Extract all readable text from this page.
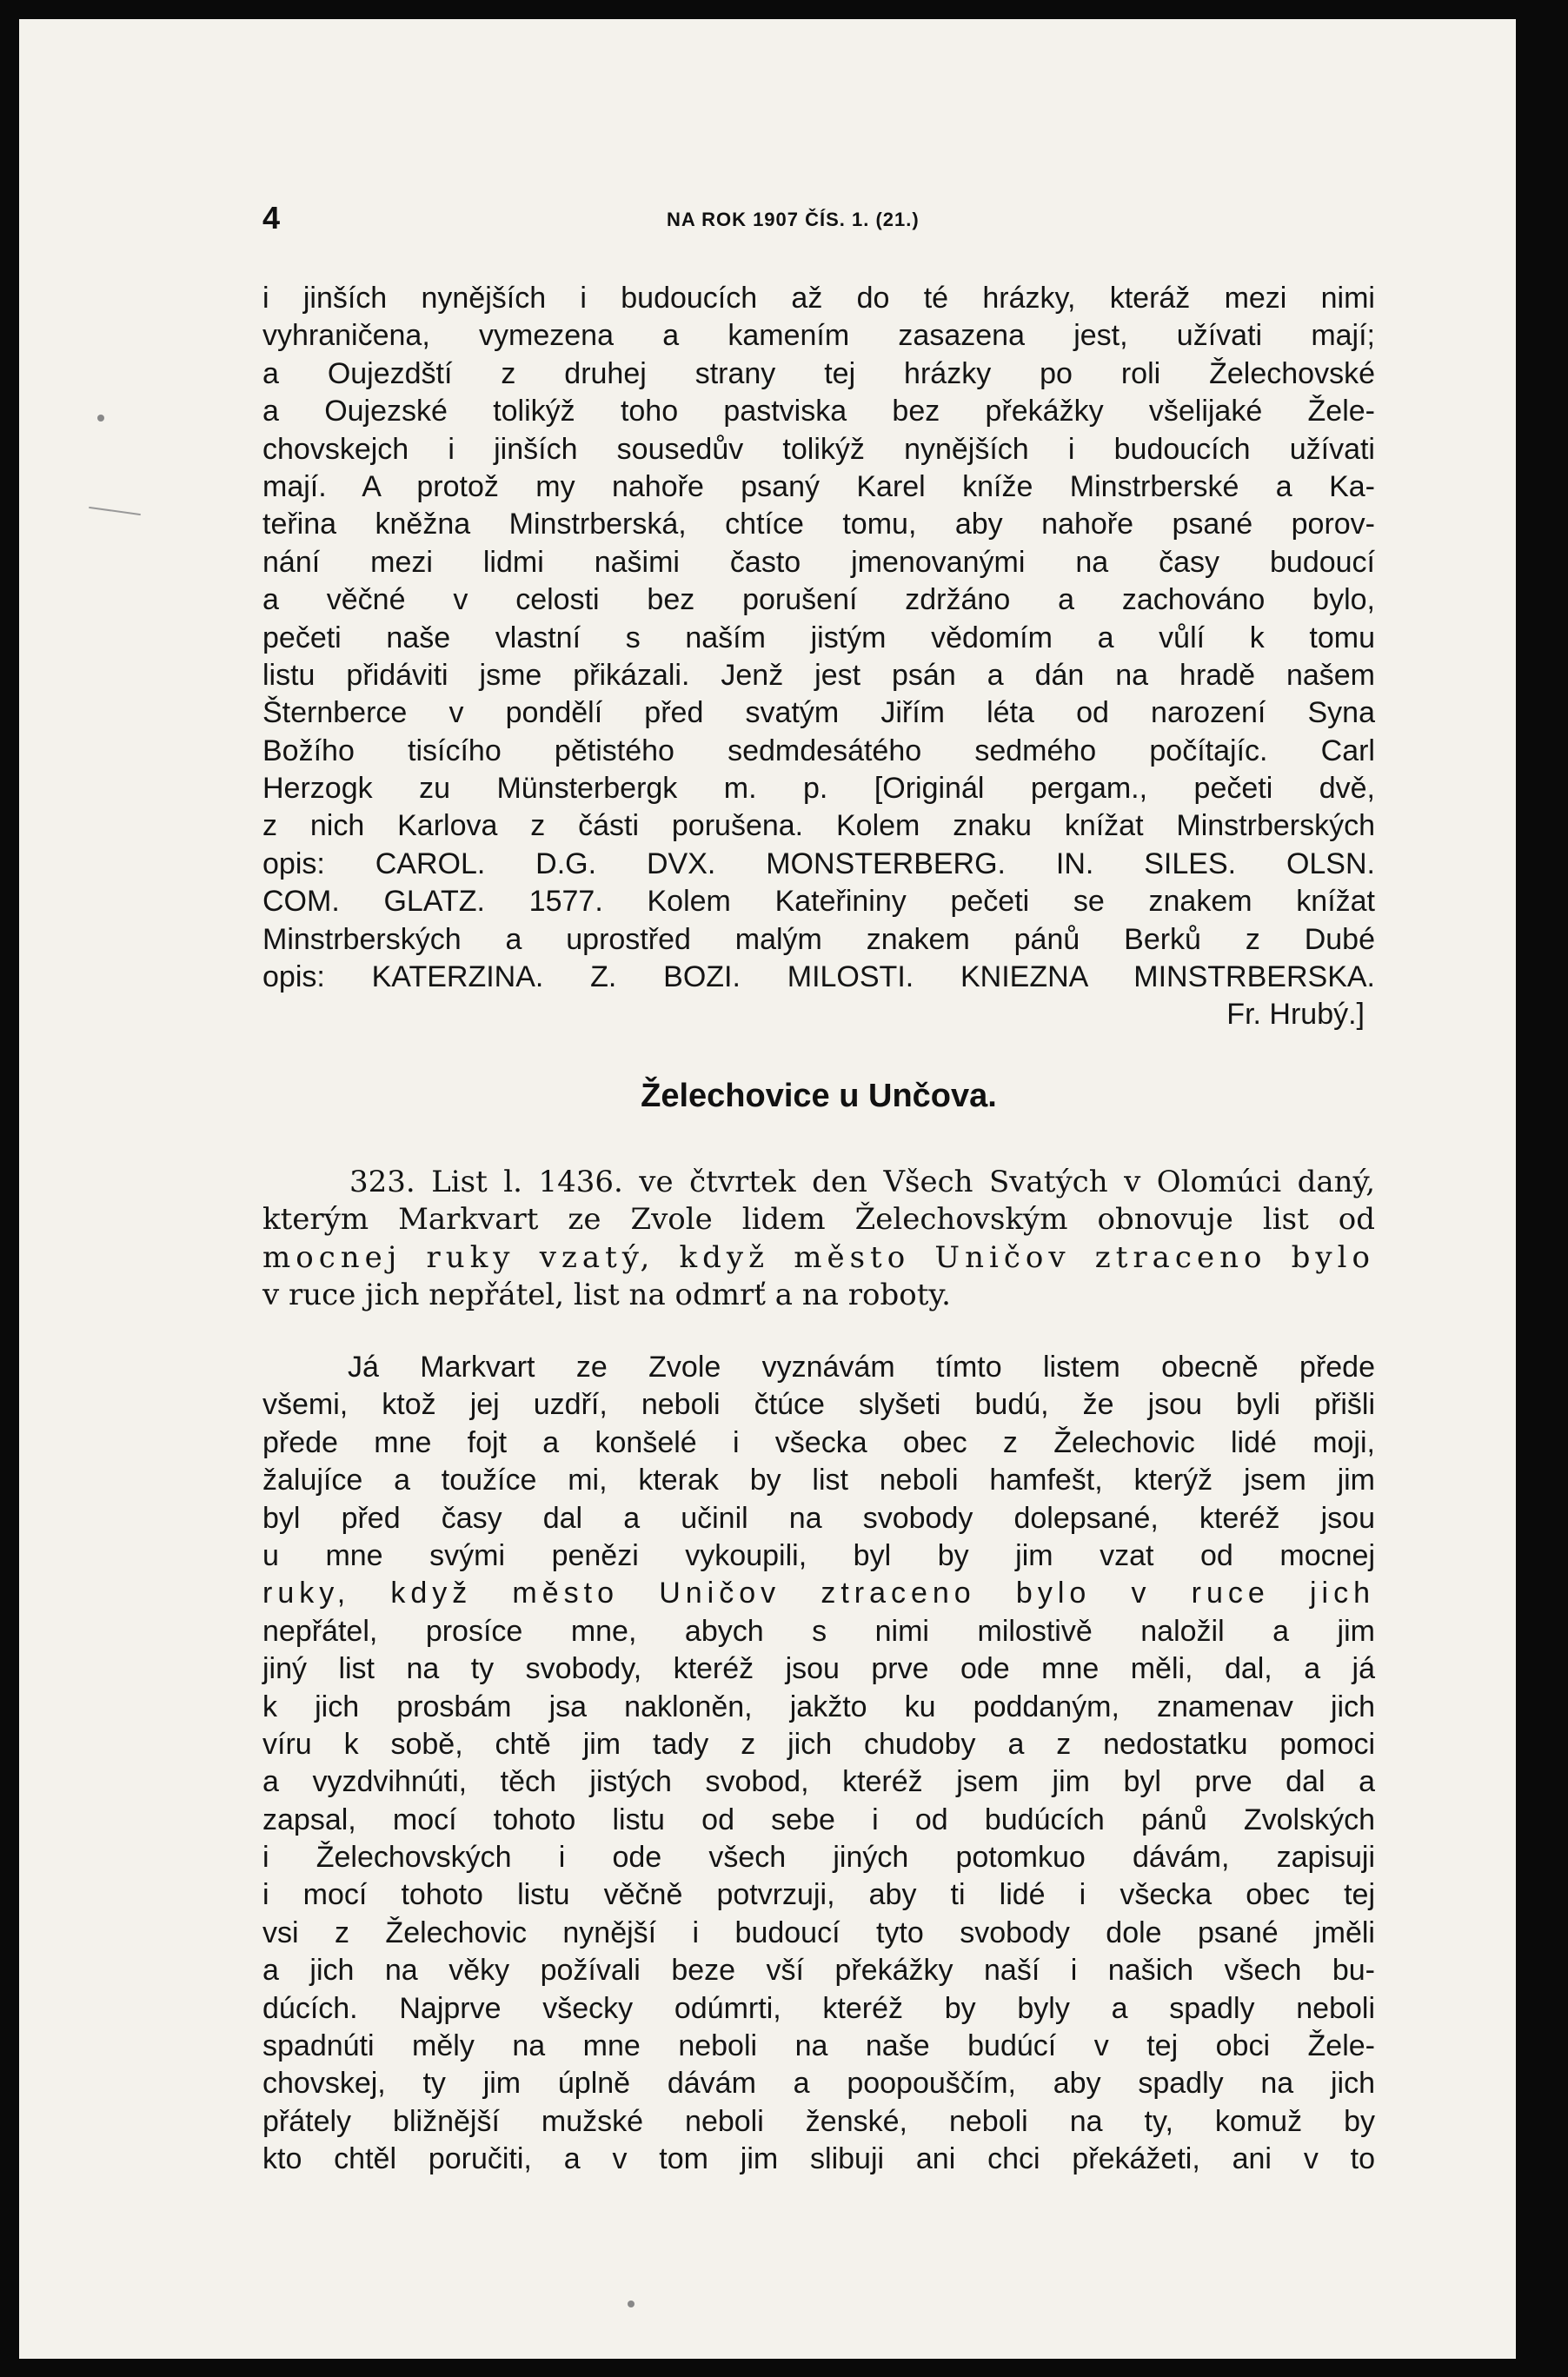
4	NA ROK 1907 ČÍS. 1. (21.)
i jinších nynějších i budoucích až do té hrázky, kteráž mezi nimi
vyhraničena, vymezena a kamením zasazena jest, užívati mají;
a Oujezdští z druhej strany tej hrázky po roli Želechovské
a Oujezské tolikýž toho pastviska bez překážky všelijaké Žele-
chovskejch i jinších sousedův tolikýž nynějších i budoucích užívati
mají. A protož my nahoře psaný Karel kníže Minstrberské a Ka-
teřina kněžna Minstrberská, chtíce tomu, aby nahoře psané porov-
nání mezi lidmi našimi často jmenovanými na časy budoucí
a věčné v celosti bez porušení zdržáno a zachováno bylo,
pečeti naše vlastní s naším jistým vědomím a vůlí k tomu
listu přidáviti jsme přikázali. Jenž jest psán a dán na hradě našem
Šternberce v pondělí před svatým Jiřím léta od narození Syna
Božího tisícího pětistého sedmdesátého sedmého počítajíc. Carl
Herzogk zu Münsterbergk m. p. [Originál pergam., pečeti dvě,
z nich Karlova z části porušena. Kolem znaku knížat Minstrberských
opis: CAROL. D.G. DVX. MONSTERBERG. IN. SILES. OLSN.
COM. GLATZ. 1577. Kolem Kateřininy pečeti se znakem knížat
Minstrberských a uprostřed malým znakem pánů Berků z Dubé
opis: KATERZINA. Z. BOZI. MILOSTI. KNIEZNA MINSTRBERSKA.
Fr. Hrubý.]
Želechovice u Unčova.
323. List l. 1436. ve čtvrtek den Všech Svatých v Olomúci daný,
kterým Markvart ze Zvole lidem Želechovským obnovuje list od
mocnej ruky vzatý, když město Uničov ztraceno bylo
v ruce jich nepřátel, list na odmrť a na roboty.
Já Markvart ze Zvole vyznávám tímto listem obecně přede
všemi, ktož jej uzdří, neboli čtúce slyšeti budú, že jsou byli přišli
přede mne fojt a konšelé i všecka obec z Želechovic lidé moji,
žalujíce a toužíce mi, kterak by list neboli hamfešt, kterýž jsem jim
byl před časy dal a učinil na svobody dolepsané, kteréž jsou
u mne svými penězi vykoupili, byl by jim vzat od mocnej
ruky, když město Uničov ztraceno bylo v ruce jich
nepřátel, prosíce mne, abych s nimi milostivě naložil a jim
jiný list na ty svobody, kteréž jsou prve ode mne měli, dal, a já
k jich prosbám jsa nakloněn, jakžto ku poddaným, znamenav jich
víru k sobě, chtě jim tady z jich chudoby a z nedostatku pomoci
a vyzdvihnúti, těch jistých svobod, kteréž jsem jim byl prve dal a
zapsal, mocí tohoto listu od sebe i od budúcích pánů Zvolských
i Želechovských i ode všech jiných potomkuo dávám, zapisuji
i mocí tohoto listu věčně potvrzuji, aby ti lidé i všecka obec tej
vsi z Želechovic nynější i budoucí tyto svobody dole psané jměli
a jich na věky požívali beze vší překážky naší i našich všech bu-
dúcích. Najprve všecky odúmrti, kteréž by byly a spadly neboli
spadnúti měly na mne neboli na naše budúcí v tej obci Žele-
chovskej, ty jim úplně dávám a poopouščím, aby spadly na jich
přátely bližnější mužské neboli ženské, neboli na ty, komuž by
kto chtěl poručiti, a v tom jim slibuji ani chci překážeti, ani v to
